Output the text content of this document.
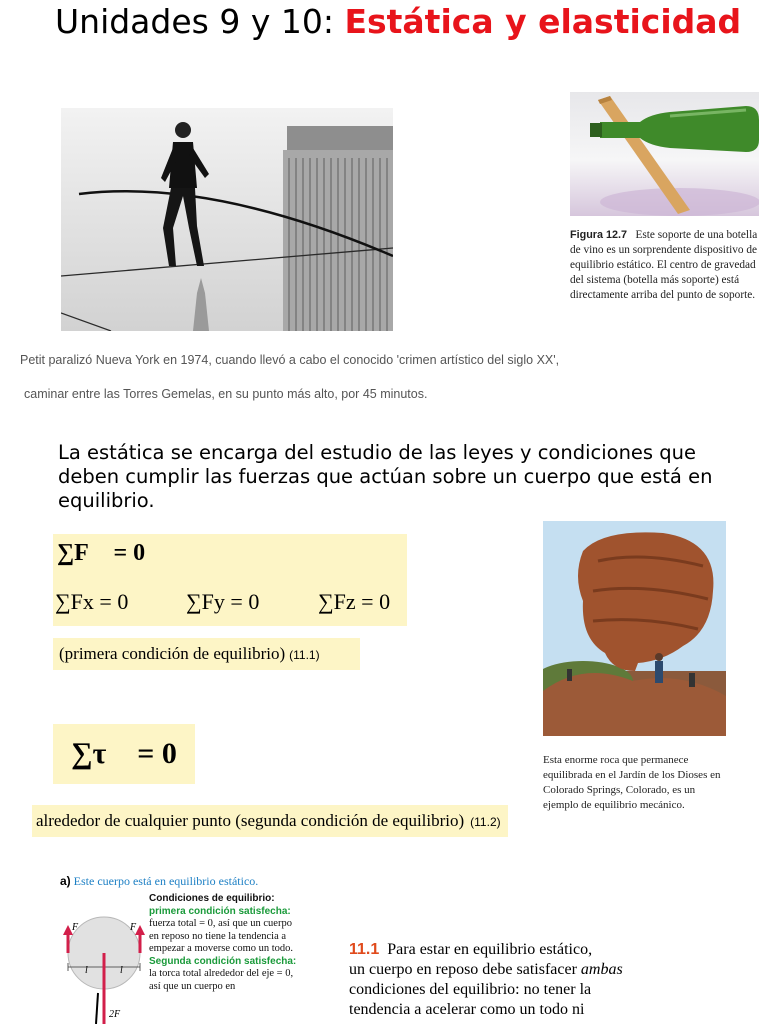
Unidades 9 y 10: Estática y elasticidad
Petit paralizó Nueva York en 1974, cuando llevó a cabo el conocido 'crimen artístico del siglo XX',
caminar entre las Torres Gemelas, en su punto más alto, por 45 minutos.
Figura 12.7 Este soporte de una botella de vino es un sorprendente dispositivo de equilibrio estático. El centro de gravedad del sistema (botella más soporte) está directamente arriba del punto de soporte.
La estática se encarga del estudio de las leyes y condiciones que deben cumplir las fuerzas que actúan sobre un cuerpo que está en equilibrio.
∑F⃗ = 0
∑Fx = 0	∑Fy = 0	∑Fz = 0
(primera condición de equilibrio) (11.1)
∑τ⃗ = 0
alrededor de cualquier punto (segunda condición de equilibrio) (11.2)
Esta enorme roca que permanece equilibrada en el Jardín de los Dioses en Colorado Springs, Colorado, es un ejemplo de equilibrio mecánico.
a) Este cuerpo está en equilibrio estático.
F	F
l	l
2F
Condiciones de equilibrio:
primera condición satisfecha:
fuerza total = 0, así que un cuerpo en reposo no tiene la tendencia a empezar a moverse como un todo.
Segunda condición satisfecha:
la torca total alrededor del eje = 0, así que un cuerpo en
11.1 Para estar en equilibrio estático,
un cuerpo en reposo debe satisfacer ambas
condiciones del equilibrio: no tener la
tendencia a acelerar como un todo ni
